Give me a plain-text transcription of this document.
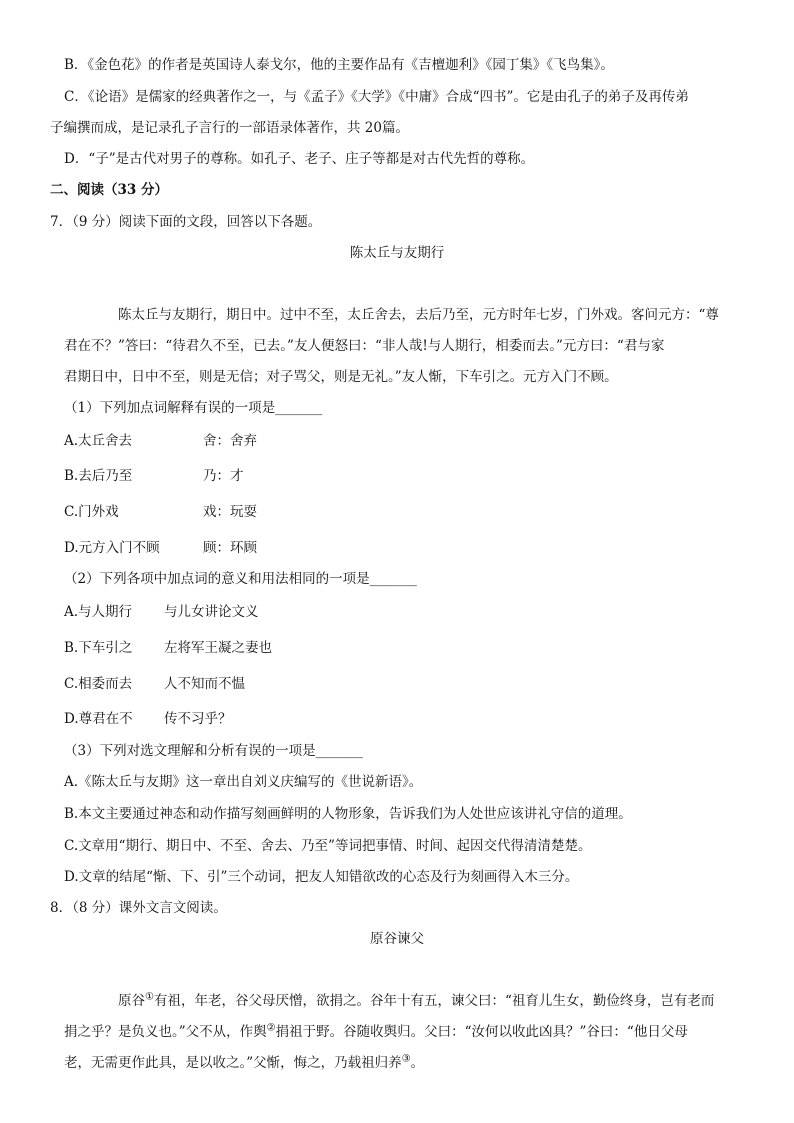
B．《金色花》的作者是英国诗人泰戈尔，他的主要作品有《吉檀迦利》《园丁集》《飞鸟集》。
C．《论语》是儒家的经典著作之一，与《孟子》《大学》《中庸》合成“四书”。它是由孔子的弟子及再传弟
子编撰而成，是记录孔子言行的一部语录体著作，共 20篇。
D．“子”是古代对男子的尊称。如孔子、老子、庄子等都是对古代先哲的尊称。
二、阅读（33 分）
7．（9 分）阅读下面的文段，回答以下各题。
陈太丘与友期行
陈太丘与友期行，期日中。过中不至，太丘舍去，去后乃至，元方时年七岁，门外戏。客问元方：“尊
君在不？”答曰：“待君久不至，已去。”友人便怒曰：“非人哉!与人期行，相委而去。”元方曰：“君与家
君期日中，日中不至，则是无信；对子骂父，则是无礼。”友人惭，下车引之。元方入门不顾。
（1）下列加点词解释有误的一项是_______
A.太丘舍去	舍：舍弃
B.去后乃至	乃：才
C.门外戏	戏：玩耍
D.元方入门不顾	顾：环顾
（2）下列各项中加点词的意义和用法相同的一项是_______
A.与人期行 与儿女讲论文义
B.下车引之 左将军王凝之妻也
C.相委而去 人不知而不愠
D.尊君在不 传不习乎？
（3）下列对选文理解和分析有误的一项是_______
A.《陈太丘与友期》这一章出自刘义庆编写的《世说新语》。
B.本文主要通过神态和动作描写刻画鲜明的人物形象，告诉我们为人处世应该讲礼守信的道理。
C.文章用“期行、期日中、不至、舍去、乃至”等词把事情、时间、起因交代得清清楚楚。
D.文章的结尾“惭、下、引”三个动词，把友人知错欲改的心态及行为刻画得入木三分。
8．（8 分）课外文言文阅读。
原谷谏父
原谷①有祖，年老，谷父母厌憎，欲捐之。谷年十有五，谏父曰：“祖育儿生女，勤俭终身，岂有老而
捐之乎？是负义也。”父不从，作舆②捐祖于野。谷随收舆归。父曰：“汝何以收此凶具？”谷曰：“他日父母
老，无需更作此具，是以收之。”父惭，悔之，乃载祖归养③。
